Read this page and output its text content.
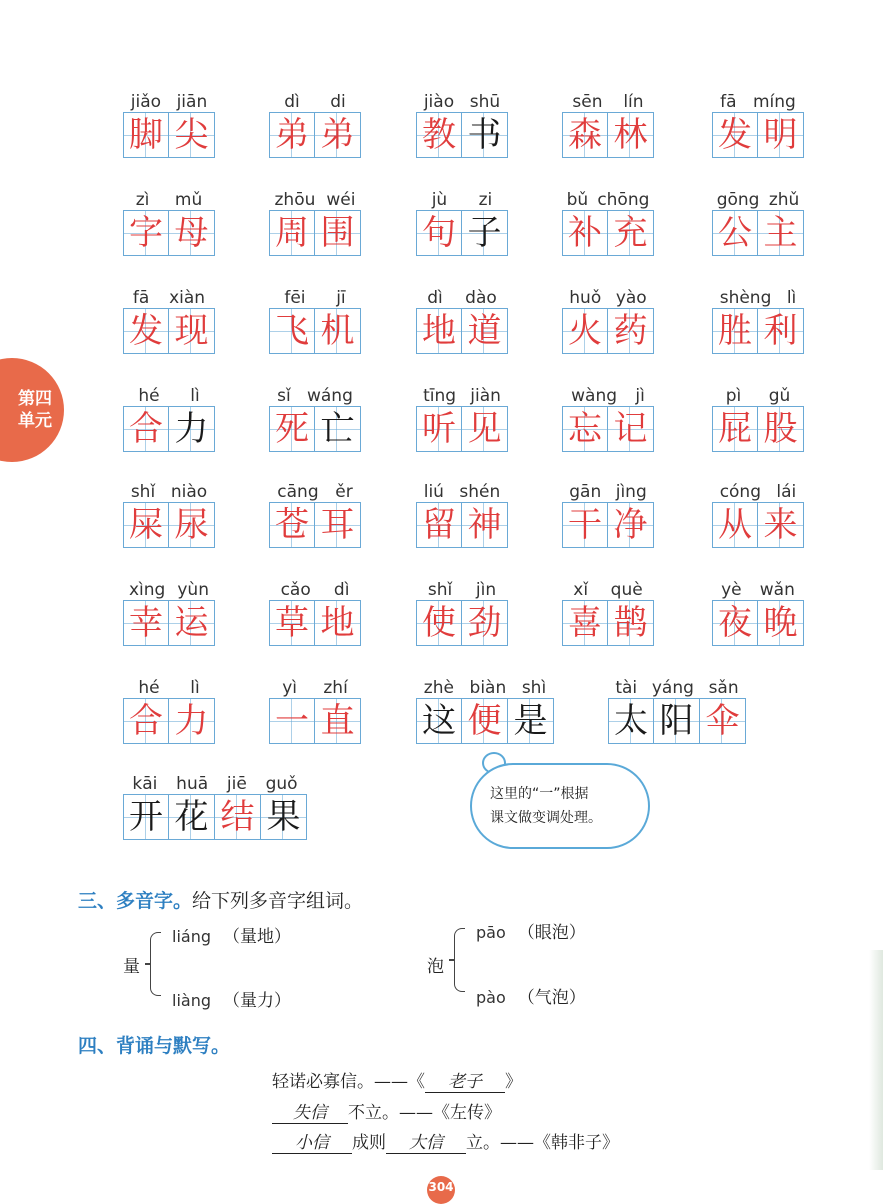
第四
单元
jiǎo jiān
脚 尖
dì di
弟 弟
jiào shū
教 书
sēn lín
森 林
fā míng
发 明
zì mǔ
字 母
zhōu wéi
周 围
jù zi
句 子
bǔ chōng
补 充
gōng zhǔ
公 主
fā xiàn
发 现
fēi jī
飞 机
dì dào
地 道
huǒ yào
火 药
shèng lì
胜 利
hé lì
合 力
sǐ wáng
死 亡
tīng jiàn
听 见
wàng jì
忘 记
pì gǔ
屁 股
shǐ niào
屎 尿
cāng ěr
苍 耳
liú shén
留 神
gān jìng
干 净
cóng lái
从 来
xìng yùn
幸 运
cǎo dì
草 地
shǐ jìn
使 劲
xǐ què
喜 鹊
yè wǎn
夜 晚
hé lì
合 力
yì zhí
一 直
zhè biàn shì
这 便 是
tài yáng sǎn
太 阳 伞
kāi huā jiē guǒ
开 花 结 果
这里的“一”根据
课文做变调处理。
三、多音字。给下列多音字组词。
量
liáng （量地）
liàng （量力）
泡
pāo （眼泡）
pào （气泡）
四、背诵与默写。
轻诺必寡信。——《 老子 》
失信 不立。——《左传》
小信 成则 大信 立。——《韩非子》
304
